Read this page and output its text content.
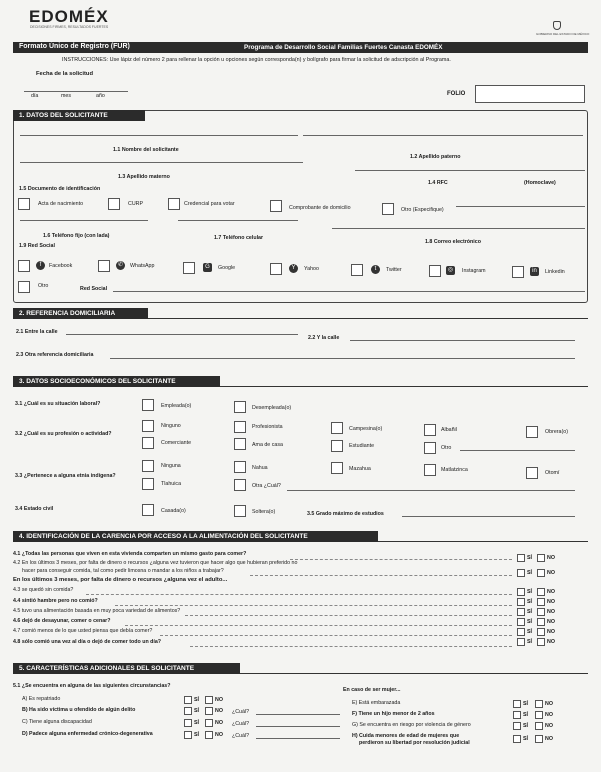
EDOMÉX
DECISIONES FIRMES, RESULTADOS FUERTES
GOBIERNO DEL ESTADO DE MÉXICO
Formato Único de Registro (FUR)	Programa de Desarrollo Social Familias Fuertes Canasta EDOMÉX
INSTRUCCIONES: Use lápiz del número 2 para rellenar la opción u opciones según corresponda(n) y bolígrafo para firmar la solicitud de adscripción al Programa.
Fecha de la solicitud
día	mes	año	FOLIO
1. DATOS DEL SOLICITANTE
1.1 Nombre del solicitante
1.2 Apellido paterno
1.3 Apellido materno
1.4 RFC	(Homoclave)
1.5 Documento de identificación
Acta de nacimiento	CURP	Credencial para votar
Comprobante de domicilio	Otro (Especifique)
1.6 Teléfono fijo (con lada)	1.7 Teléfono celular
1.8 Correo electrónico
1.9 Red Social
f	Facebook	✆	WhatsApp	G	Google	Y	Yahoo	t	Twitter	◎	Instagram	in	Linkedin
Otro	Red Social
2. REFERENCIA DOMICILIARIA
2.1 Entre la calle
2.2 Y la calle
2.3 Otra referencia domiciliaria
3. DATOS SOCIOECONÓMICOS DEL SOLICITANTE
3.1 ¿Cuál es su situación laboral?	Empleada(o)	Desempleada(o)
3.2 ¿Cuál es su profesión o actividad?
Ninguno	Profesionista	Campesina(o)	Albañil	Obrera(o)
Comerciante	Ama de casa	Estudiante	Otro
3.3 ¿Pertenece a alguna etnia indígena?
Ninguna	Nahua	Mazahua	Matlatzinca	Otomí
Tlahuica	Otra ¿Cuál?
3.4 Estado civil	Casada(o)	Soltera(o)	3.5 Grado máximo de estudios
4. IDENTIFICACIÓN DE LA CARENCIA POR ACCESO A LA ALIMENTACIÓN DEL SOLICITANTE
4.1 ¿Todas las personas que viven en esta vivienda comparten un mismo gasto para comer?
SÍ	NO
4.2 En los últimos 3 meses, por falta de dinero o recursos ¿alguna vez tuvieron que hacer algo que hubieran preferido no
hacer para conseguir comida, tal como pedir limosna o mandar a los niños a trabajar?	SÍ	NO
En los últimos 3 meses, por falta de dinero o recursos ¿alguna vez el adulto...
4.3 se quedó sin comida?	SÍ	NO
4.4 sintió hambre pero no comió?	SÍ	NO
4.5 tuvo una alimentación basada en muy poca variedad de alimentos?	SÍ	NO
4.6 dejó de desayunar, comer o cenar?	SÍ	NO
4.7 comió menos de lo que usted piensa que debía comer?	SÍ	NO
4.8 sólo comió una vez al día o dejó de comer todo un día?	SÍ	NO
5. CARACTERÍSTICAS ADICIONALES DEL SOLICITANTE
5.1 ¿Se encuentra en alguna de las siguientes circunstancias?
En caso de ser mujer...
A) Es repatriado	SÍ	NO
B) Ha sido víctima u ofendido de algún delito	SÍ	NO ¿Cuál?
C) Tiene alguna discapacidad	SÍ	NO ¿Cuál?
D) Padece alguna enfermedad crónico-degenerativa	SÍ	NO ¿Cuál?
E) Está embarazada	SÍ	NO
F) Tiene un hijo menor de 2 años	SÍ	NO
G) Se encuentra en riesgo por violencia de género	SÍ	NO
H) Cuida menores de edad de mujeres que
perdieron su libertad por resolución judicial
SÍ	NO
